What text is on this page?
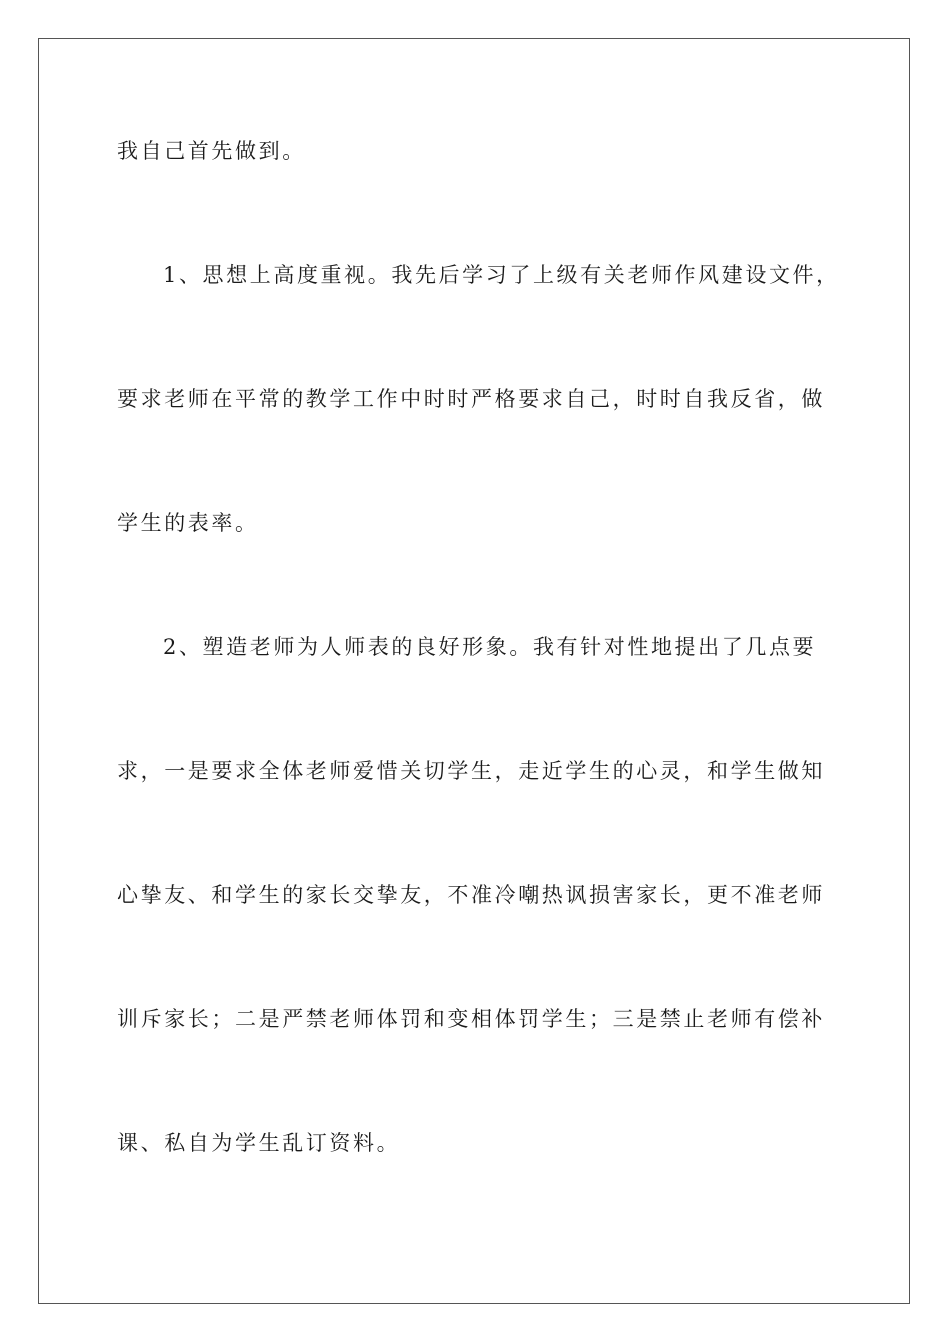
我自己首先做到。
1、思想上高度重视。我先后学习了上级有关老师作风建设文件，
要求老师在平常的教学工作中时时严格要求自己，时时自我反省，做
学生的表率。
2、塑造老师为人师表的良好形象。我有针对性地提出了几点要
求，一是要求全体老师爱惜关切学生，走近学生的心灵，和学生做知
心挚友、和学生的家长交挚友，不准冷嘲热讽损害家长，更不准老师
训斥家长；二是严禁老师体罚和变相体罚学生；三是禁止老师有偿补
课、私自为学生乱订资料。
